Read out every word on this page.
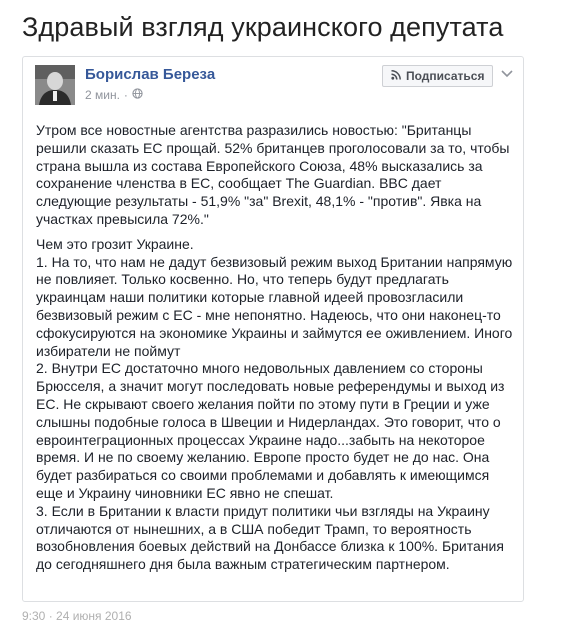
Здравый взгляд украинского депутата
Борислав Береза
2 мин. ·
Подписаться

Утром все новостные агентства разразились новостью: "Британцы решили сказать ЕС прощай. 52% британцев проголосовали за то, чтобы страна вышла из состава Европейского Союза, 48% высказались за сохранение членства в ЕС, сообщает The Guardian. BBC дает следующие результаты - 51,9% "за" Brexit, 48,1% - "против". Явка на участках превысила 72%."

Чем это грозит Украине.
1. На то, что нам не дадут безвизовый режим выход Британии напрямую не повлияет. Только косвенно. Но, что теперь будут предлагать украинцам наши политики которые главной идеей провозгласили безвизовый режим с ЕС - мне непонятно. Надеюсь, что они наконец-то сфокусируются на экономике Украины и займутся ее оживлением. Иного избиратели не поймут
2. Внутри ЕС достаточно много недовольных давлением со стороны Брюсселя, а значит могут последовать новые референдумы и выход из ЕС. Не скрывают своего желания пойти по этому пути в Греции и уже слышны подобные голоса в Швеции и Нидерландах. Это говорит, что о евроинтеграционных процессах Украине надо...забыть на некоторое время. И не по своему желанию. Европе просто будет не до нас. Она будет разбираться со своими проблемами и добавлять к имеющимся еще и Украину чиновники ЕС явно не спешат.
3. Если в Британии к власти придут политики чьи взгляды на Украину отличаются от нынешних, а в США победит Трамп, то вероятность возобновления боевых действий на Донбассе близка к 100%. Британия до сегодняшнего дня была важным стратегическим партнером.

9:30 · 24 июня 2016
